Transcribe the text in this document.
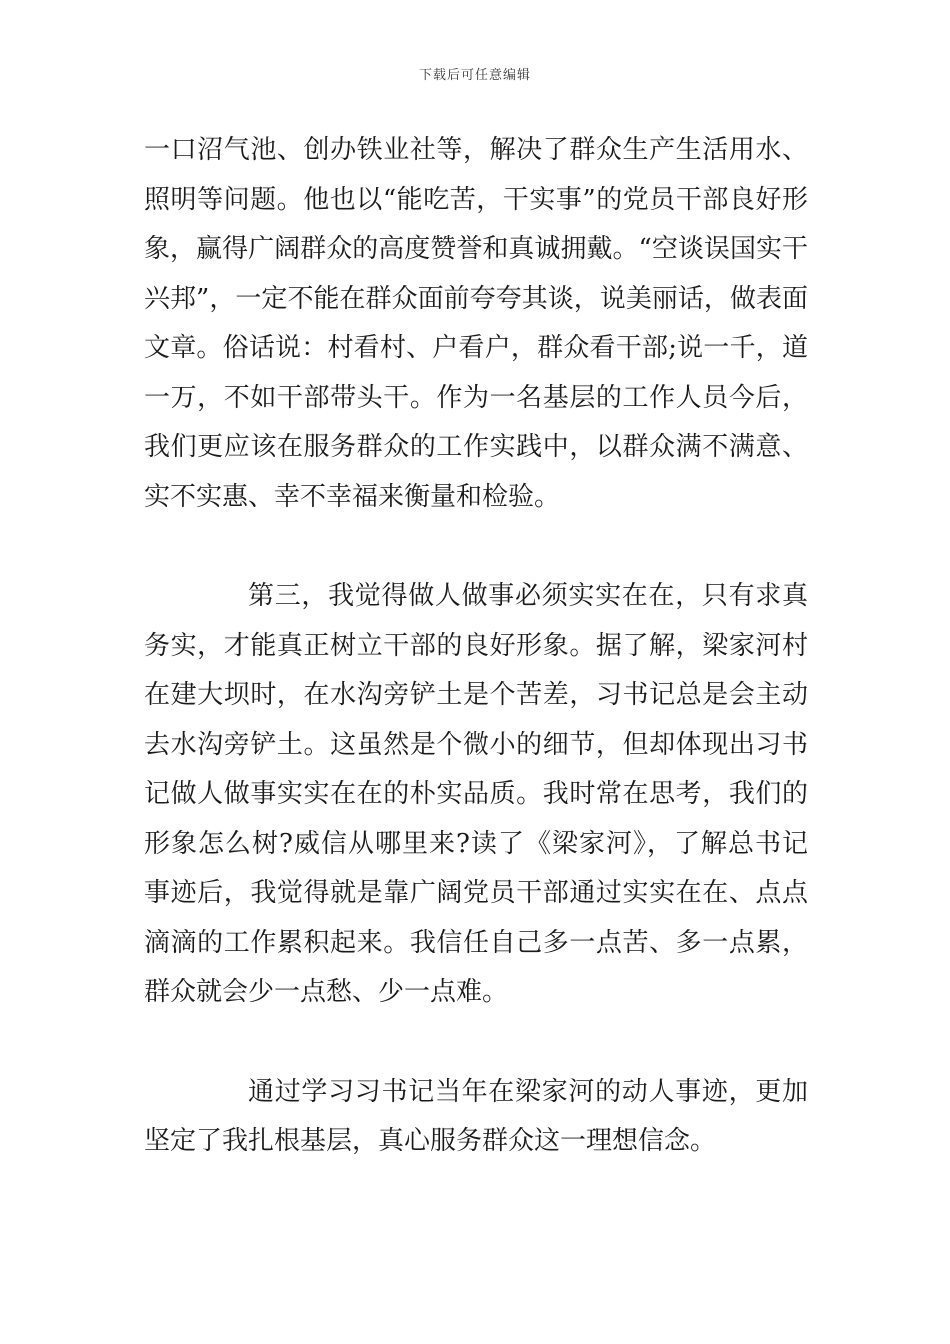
下载后可任意编辑

一口沼气池、创办铁业社等，解决了群众生产生活用水、照明等问题。他也以“能吃苦，干实事”的党员干部良好形象，赢得广阔群众的高度赞誉和真诚拥戴。“空谈误国实干兴邦”，一定不能在群众面前夸夸其谈，说美丽话，做表面文章。俗话说：村看村、户看户，群众看干部;说一千，道一万，不如干部带头干。作为一名基层的工作人员今后，我们更应该在服务群众的工作实践中，以群众满不满意、实不实惠、幸不幸福来衡量和检验。

第三，我觉得做人做事必须实实在在，只有求真务实，才能真正树立干部的良好形象。据了解，梁家河村在建大坝时，在水沟旁铲土是个苦差，习书记总是会主动去水沟旁铲土。这虽然是个微小的细节，但却体现出习书记做人做事实实在在的朴实品质。我时常在思考，我们的形象怎么树?威信从哪里来?读了《梁家河》，了解总书记事迹后，我觉得就是靠广阔党员干部通过实实在在、点点滴滴的工作累积起来。我信任自己多一点苦、多一点累，群众就会少一点愁、少一点难。

通过学习习书记当年在梁家河的动人事迹，更加坚定了我扎根基层，真心服务群众这一理想信念。
